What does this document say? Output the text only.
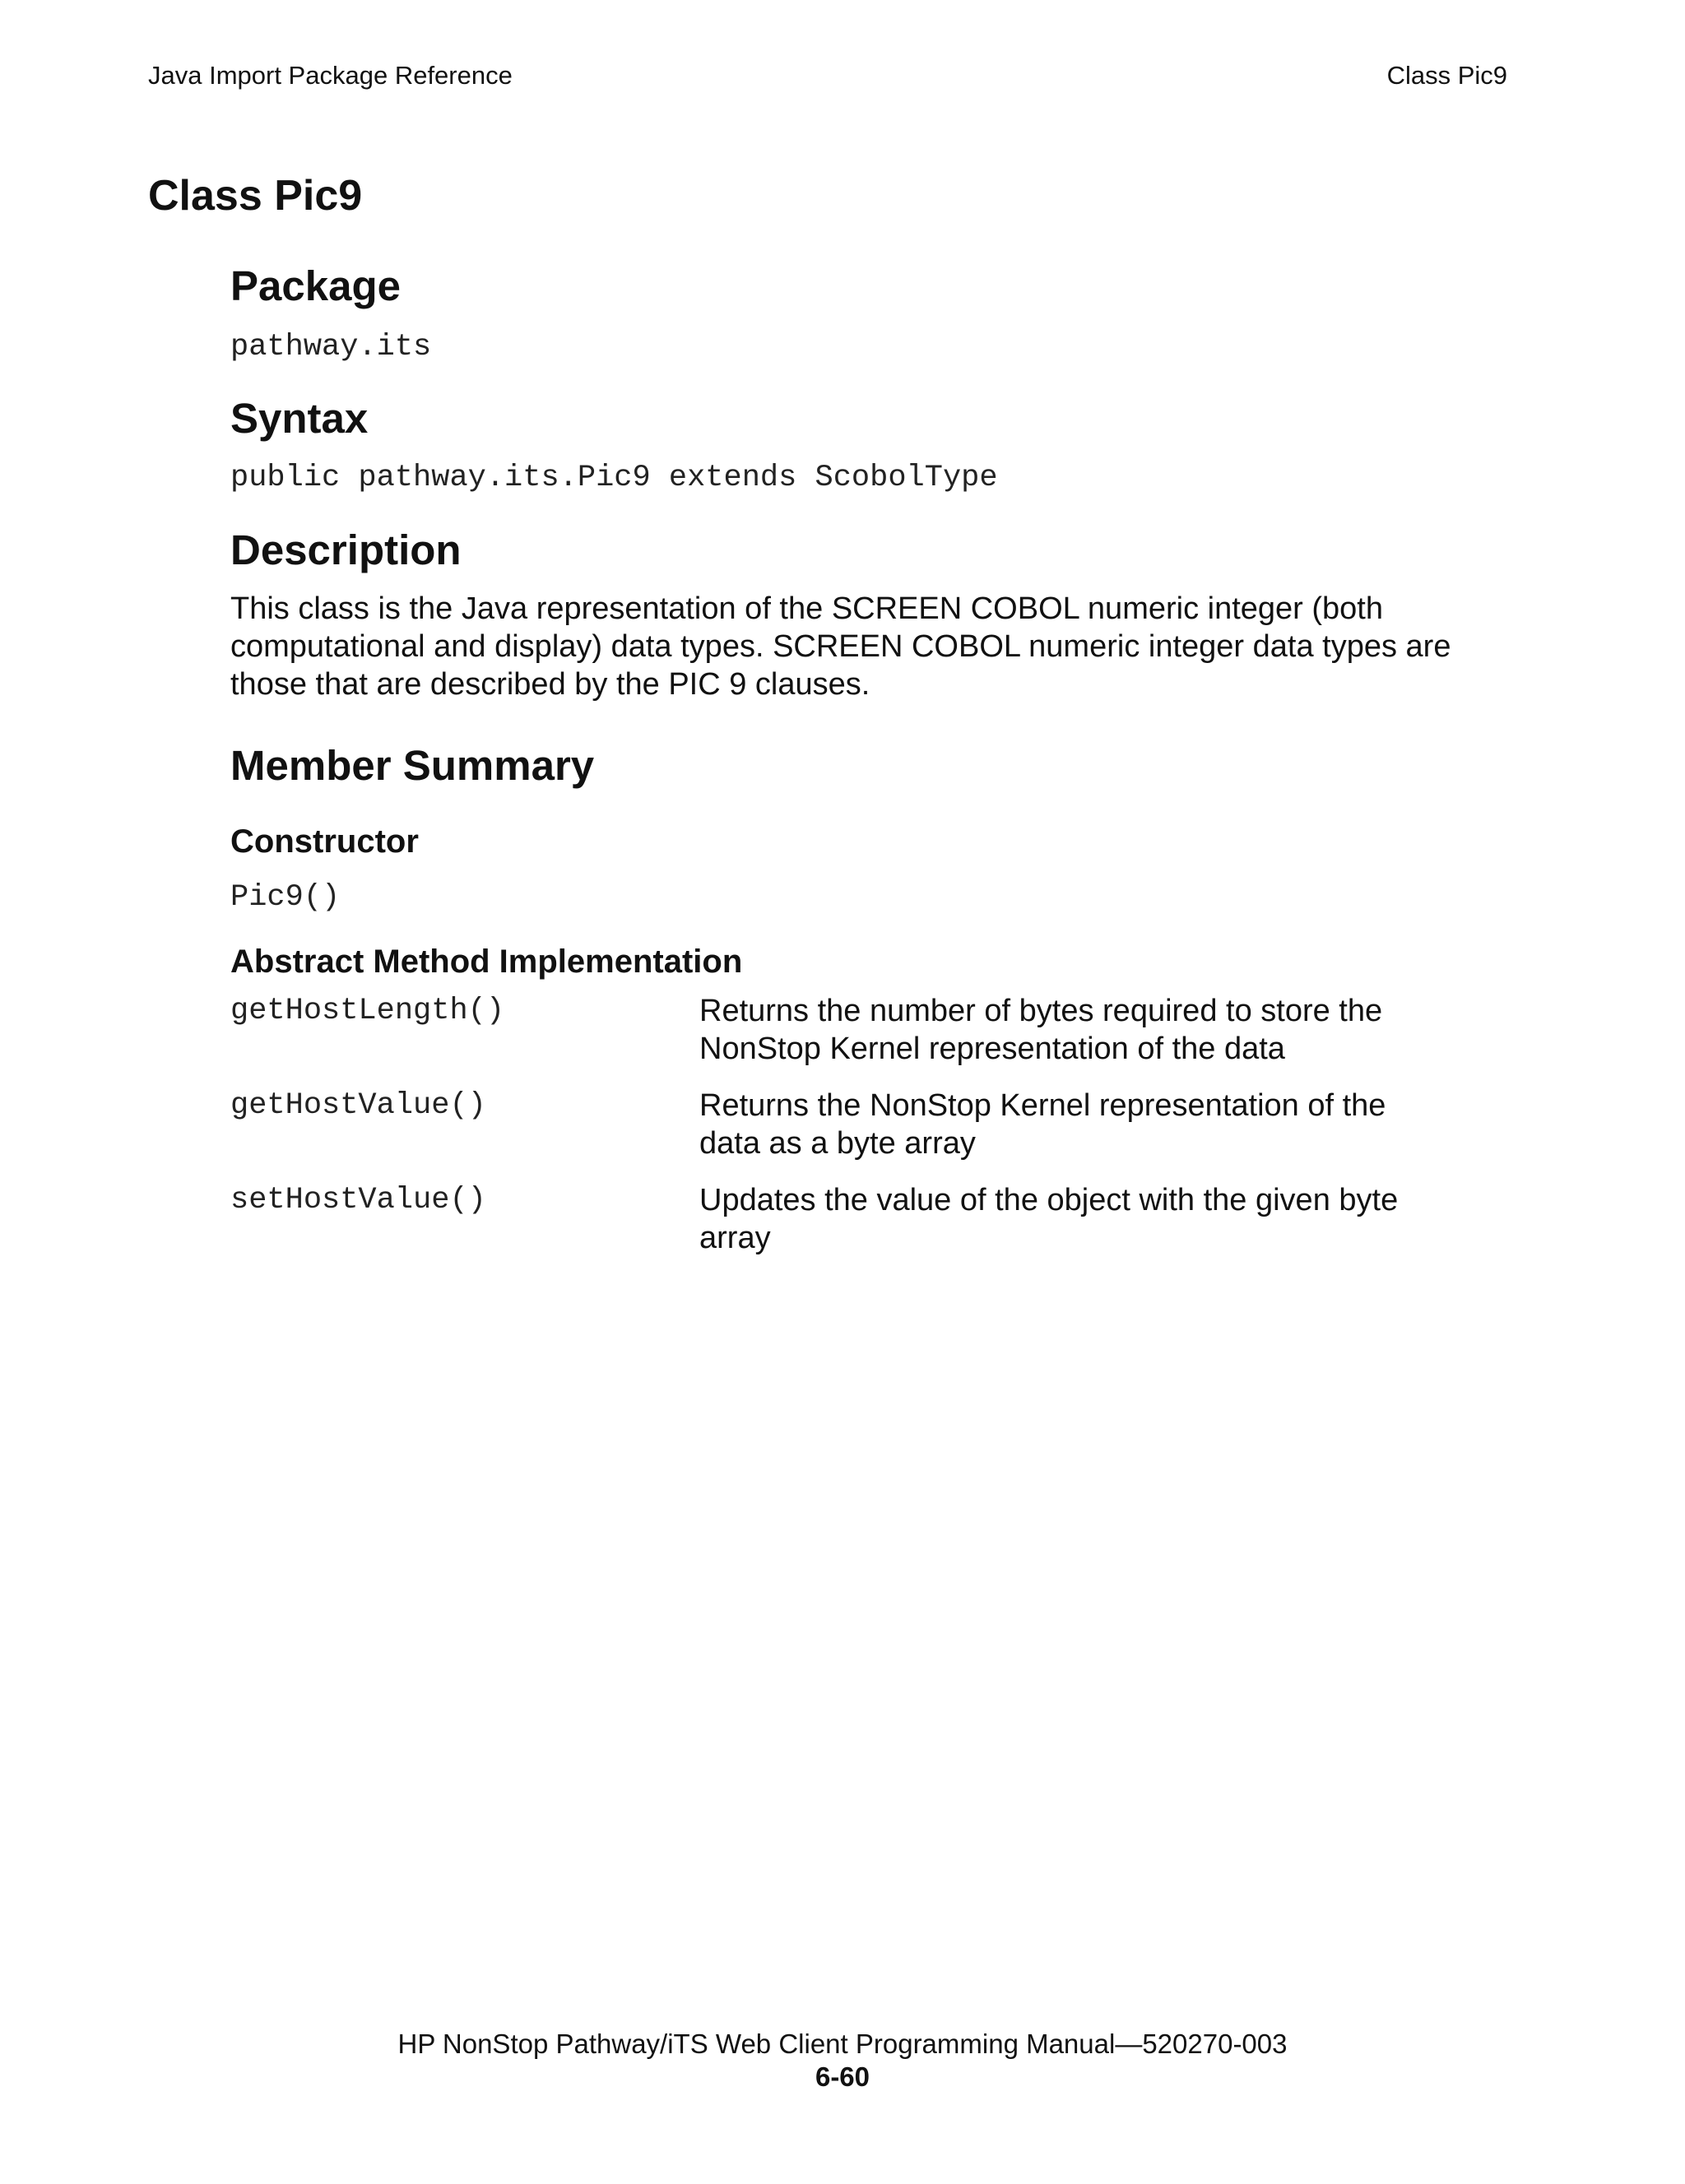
Java Import Package Reference	Class Pic9
Class Pic9
Package
pathway.its
Syntax
public pathway.its.Pic9 extends ScobolType
Description

This class is the Java representation of the SCREEN COBOL numeric integer (both computational and display) data types. SCREEN COBOL numeric integer data types are those that are described by the PIC 9 clauses.

Member Summary
Constructor
Pic9()
Abstract Method Implementation
getHostLength()	Returns the number of bytes required to store the NonStop Kernel representation of the data
getHostValue()	Returns the NonStop Kernel representation of the data as a byte array
setHostValue()	Updates the value of the object with the given byte array
HP NonStop Pathway/iTS Web Client Programming Manual—520270-003
6-60
